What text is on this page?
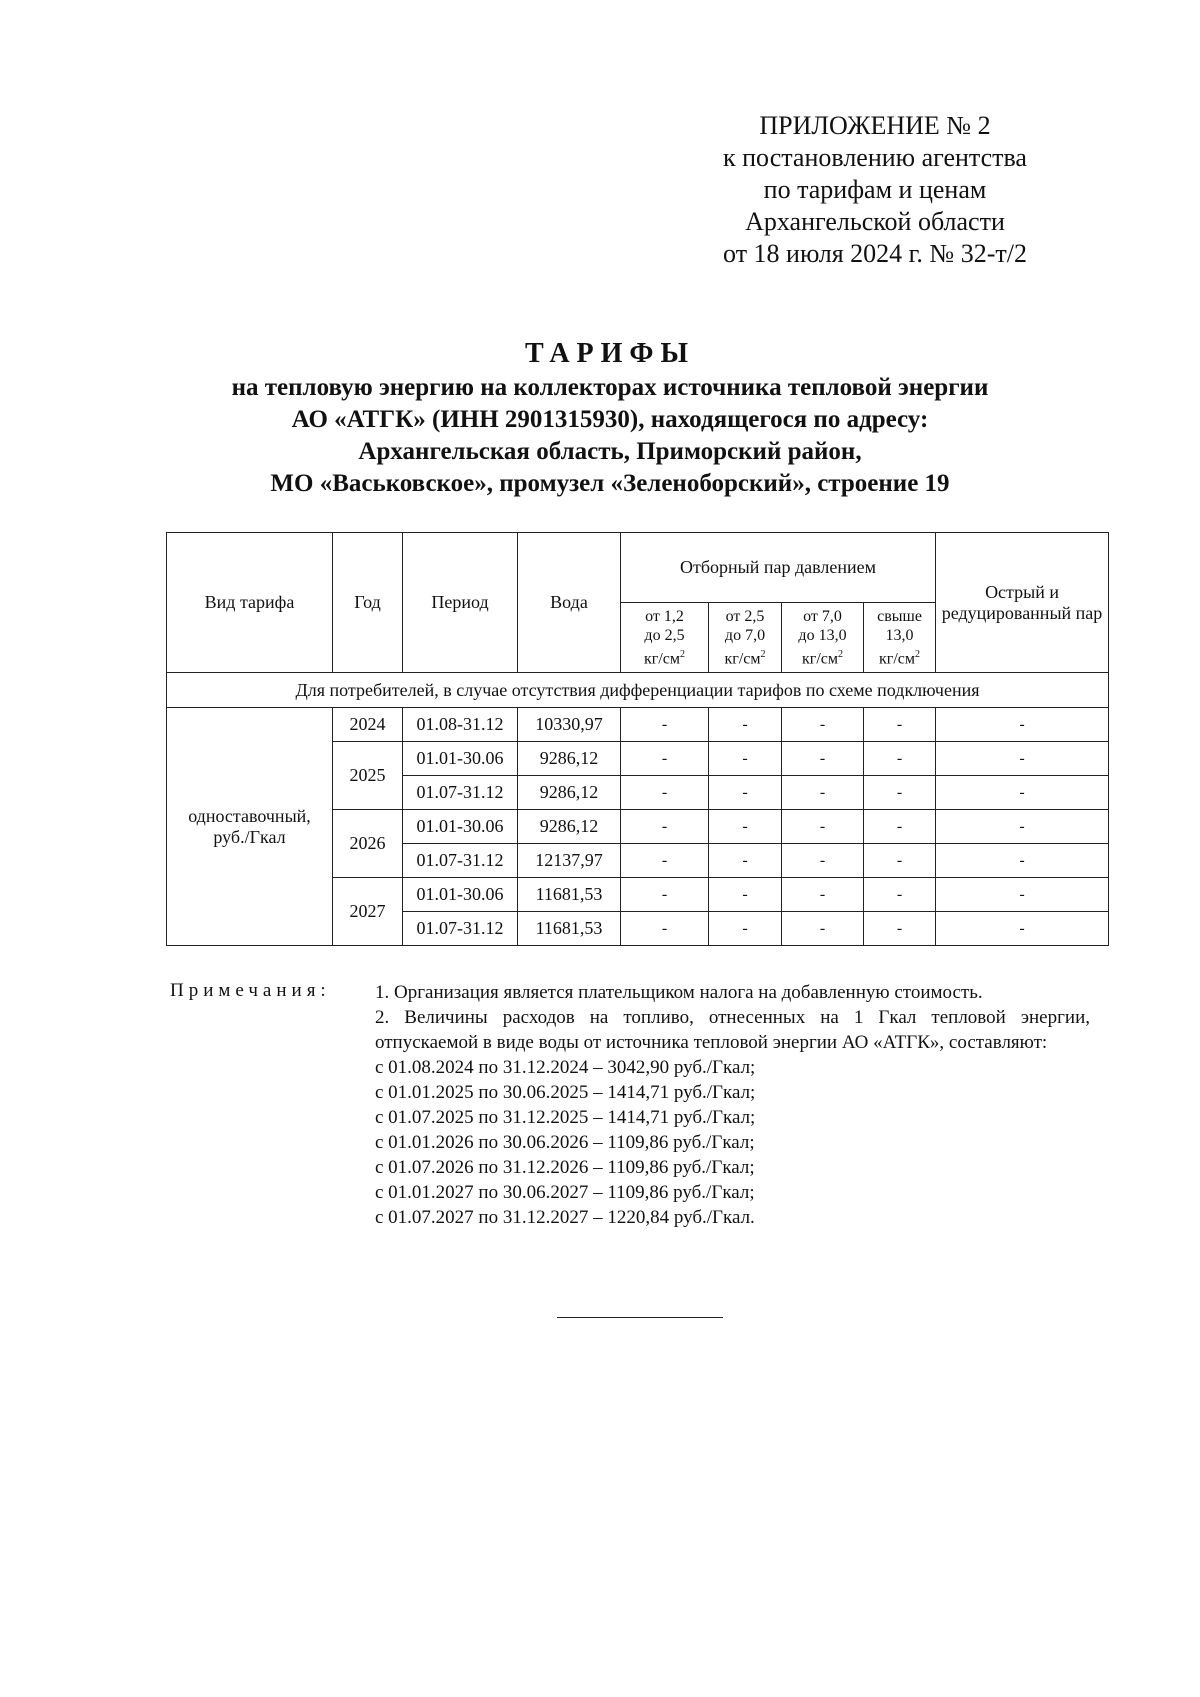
ПРИЛОЖЕНИЕ № 2
к постановлению агентства
по тарифам и ценам
Архангельской области
от 18 июля 2024 г. № 32-т/2
ТАРИФЫ
на тепловую энергию на коллекторах источника тепловой энергии
АО «АТГК» (ИНН 2901315930), находящегося по адресу:
Архангельская область, Приморский район,
МО «Васьковское», промузел «Зеленоборский», строение 19
Вид тарифа	Год	Период	Вода	Отборный пар давлением				Острый и редуцированный пар
				от 1,2
до 2,5
$кг/см^2$	от 2,5
до 7,0
$кг/см^2$	от 7,0
до 13,0
$кг/см^2$	свыше
13,0
$кг/см^2$
Для потребителей, в случае отсутствия дифференциации тарифов по схеме подключения								
одноставочный, руб./Гкал	2024	01.08-31.12	10330,97	-	-	-	-	-
	2025	01.01-30.06	9286,12	-	-	-	-	-
		01.07-31.12	9286,12	-	-	-	-	-
	2026	01.01-30.06	9286,12	-	-	-	-	-
		01.07-31.12	12137,97	-	-	-	-	-
	2027	01.01-30.06	11681,53	-	-	-	-	-
		01.07-31.12	11681,53	-	-	-	-	-
Примечания: 1. Организация является плательщиком налога на добавленную стоимость.
2. Величины расходов на топливо, отнесенных на 1 Гкал тепловой энергии, отпускаемой в виде воды от источника тепловой энергии АО «АТГК», составляют:
с 01.08.2024 по 31.12.2024 – 3042,90 руб./Гкал;
с 01.01.2025 по 30.06.2025 – 1414,71 руб./Гкал;
с 01.07.2025 по 31.12.2025 – 1414,71 руб./Гкал;
с 01.01.2026 по 30.06.2026 – 1109,86 руб./Гкал;
с 01.07.2026 по 31.12.2026 – 1109,86 руб./Гкал;
с 01.01.2027 по 30.06.2027 – 1109,86 руб./Гкал;
с 01.07.2027 по 31.12.2027 – 1220,84 руб./Гкал.
